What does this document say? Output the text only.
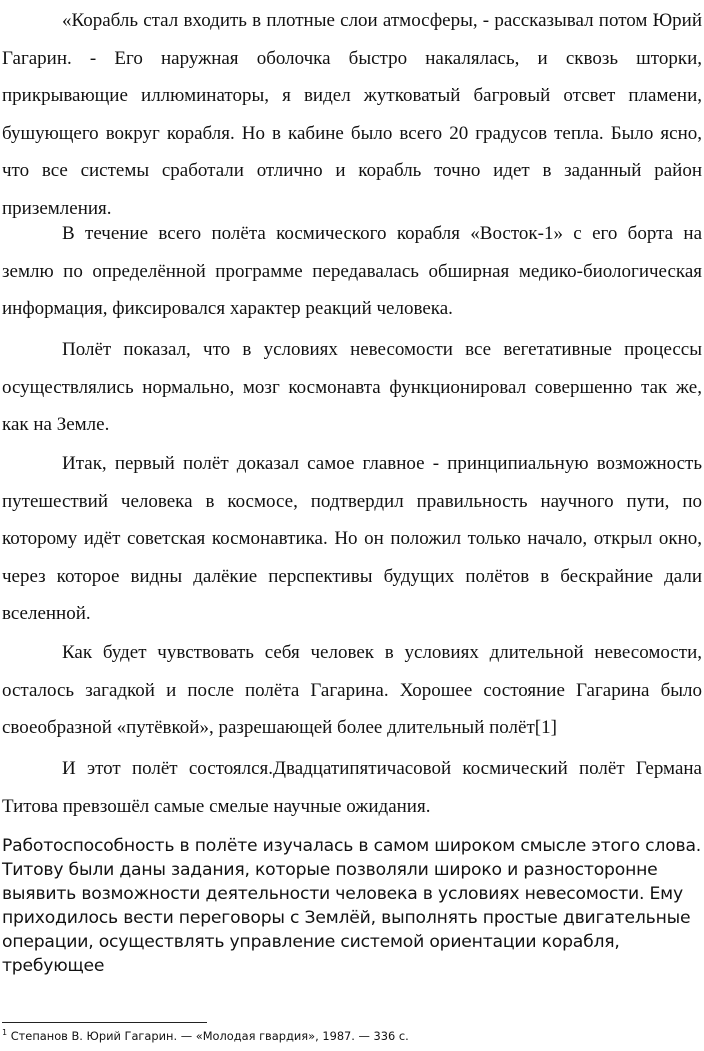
«Корабль стал входить в плотные слои атмосферы, - рассказывал потом Юрий Гагарин. - Его наружная оболочка быстро накалялась, и сквозь шторки, прикрывающие иллюминаторы, я видел жутковатый багровый отсвет пламени, бушующего вокруг корабля. Но в кабине было всего 20 градусов тепла. Было ясно, что все системы сработали отлично и корабль точно идет в заданный район приземления.

В течение всего полёта космического корабля «Восток-1» с его борта на землю по определённой программе передавалась обширная медико-биологическая информация, фиксировался характер реакций человека.

Полёт показал, что в условиях невесомости все вегетативные процессы осуществлялись нормально, мозг космонавта функционировал совершенно так же, как на Земле.

Итак, первый полёт доказал самое главное - принципиальную возможность путешествий человека в космосе, подтвердил правильность научного пути, по которому идёт советская космонавтика. Но он положил только начало, открыл окно, через которое видны далёкие перспективы будущих полётов в бескрайние дали вселенной.

Как будет чувствовать себя человек в условиях длительной невесомости, осталось загадкой и после полёта Гагарина. Хорошее состояние Гагарина было своеобразной «путёвкой», разрешающей более длительный полёт[1]

И этот полёт состоялся.Двадцатипятичасовой космический полёт Германа Титова превзошёл самые смелые научные ожидания.

Работоспособность в полёте изучалась в самом широком смысле этого слова. Титову были даны задания, которые позволяли широко и разносторонне выявить возможности деятельности человека в условиях невесомости. Ему приходилось вести переговоры с Землёй, выполнять простые двигательные операции, осуществлять управление системой ориентации корабля, требующее

$^1$ Степанов В. Юрий Гагарин. — «Молодая гвардия», 1987. — 336 с.
